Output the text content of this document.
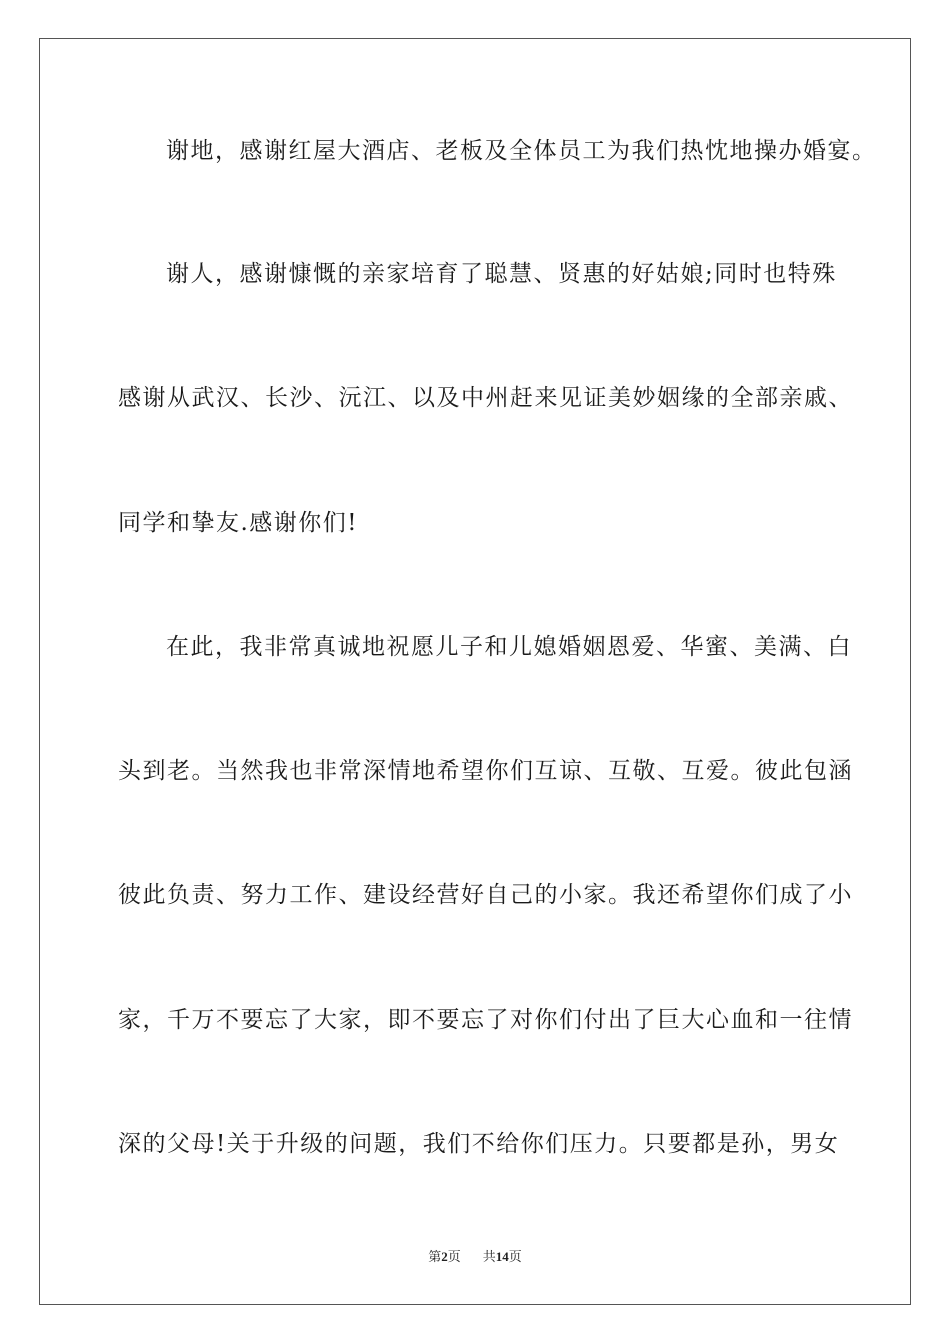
谢地，感谢红屋大酒店、老板及全体员工为我们热忱地操办婚宴。
谢人，感谢慷慨的亲家培育了聪慧、贤惠的好姑娘;同时也特殊
感谢从武汉、长沙、沅江、以及中州赶来见证美妙姻缘的全部亲戚、
同学和挚友.感谢你们!
在此，我非常真诚地祝愿儿子和儿媳婚姻恩爱、华蜜、美满、白
头到老。当然我也非常深情地希望你们互谅、互敬、互爱。彼此包涵
彼此负责、努力工作、建设经营好自己的小家。我还希望你们成了小
家，千万不要忘了大家，即不要忘了对你们付出了巨大心血和一往情
深的父母!关于升级的问题，我们不给你们压力。只要都是孙，男女
第2页 共14页
